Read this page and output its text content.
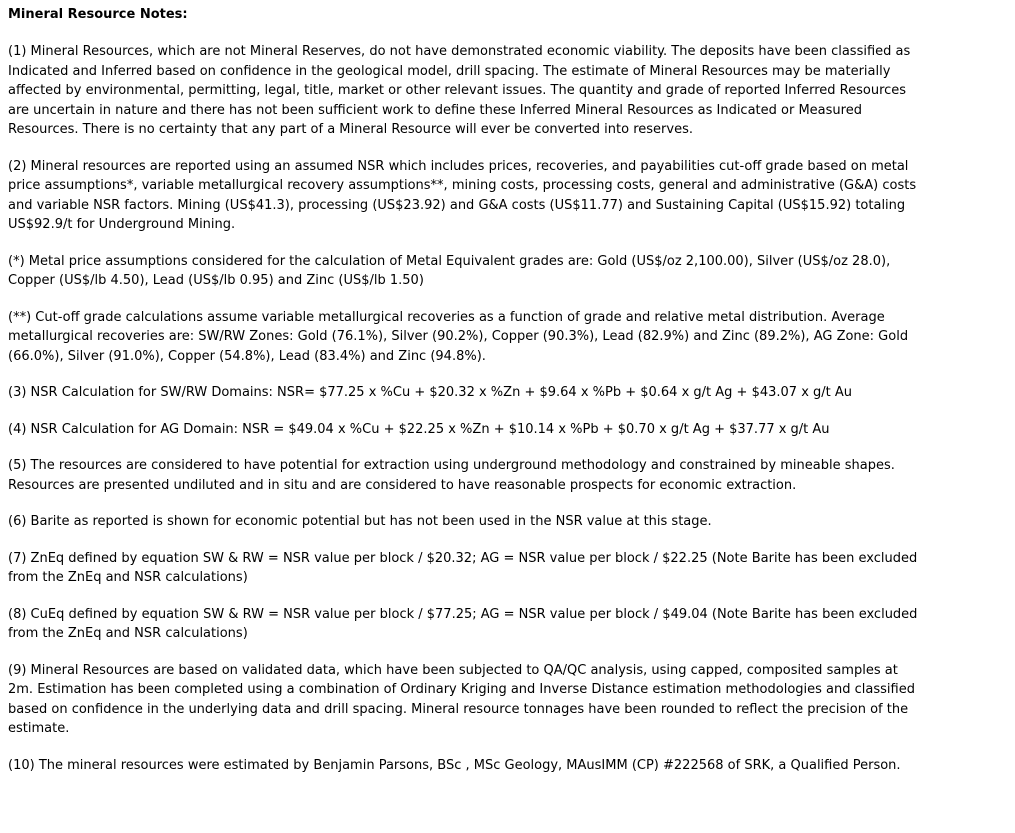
Mineral Resource Notes:

(1) Mineral Resources, which are not Mineral Reserves, do not have demonstrated economic viability. The deposits have been classified as Indicated and Inferred based on confidence in the geological model, drill spacing. The estimate of Mineral Resources may be materially affected by environmental, permitting, legal, title, market or other relevant issues. The quantity and grade of reported Inferred Resources are uncertain in nature and there has not been sufficient work to define these Inferred Mineral Resources as Indicated or Measured Resources. There is no certainty that any part of a Mineral Resource will ever be converted into reserves.

(2) Mineral resources are reported using an assumed NSR which includes prices, recoveries, and payabilities cut-off grade based on metal price assumptions*, variable metallurgical recovery assumptions**, mining costs, processing costs, general and administrative (G&A) costs and variable NSR factors. Mining (US$41.3), processing (US$23.92) and G&A costs (US$11.77) and Sustaining Capital (US$15.92) totaling US$92.9/t for Underground Mining.

(*) Metal price assumptions considered for the calculation of Metal Equivalent grades are: Gold (US$/oz 2,100.00), Silver (US$/oz 28.0), Copper (US$/lb 4.50), Lead (US$/lb 0.95) and Zinc (US$/lb 1.50)

(**) Cut-off grade calculations assume variable metallurgical recoveries as a function of grade and relative metal distribution. Average metallurgical recoveries are: SW/RW Zones: Gold (76.1%), Silver (90.2%), Copper (90.3%), Lead (82.9%) and Zinc (89.2%), AG Zone: Gold (66.0%), Silver (91.0%), Copper (54.8%), Lead (83.4%) and Zinc (94.8%).

(3) NSR Calculation for SW/RW Domains: NSR= $77.25 x %Cu + $20.32 x %Zn + $9.64 x %Pb + $0.64 x g/t Ag + $43.07 x g/t Au

(4) NSR Calculation for AG Domain: NSR = $49.04 x %Cu + $22.25 x %Zn + $10.14 x %Pb + $0.70 x g/t Ag + $37.77 x g/t Au

(5) The resources are considered to have potential for extraction using underground methodology and constrained by mineable shapes. Resources are presented undiluted and in situ and are considered to have reasonable prospects for economic extraction.

(6) Barite as reported is shown for economic potential but has not been used in the NSR value at this stage.

(7) ZnEq defined by equation SW & RW = NSR value per block / $20.32; AG = NSR value per block / $22.25 (Note Barite has been excluded from the ZnEq and NSR calculations)

(8) CuEq defined by equation SW & RW = NSR value per block / $77.25; AG = NSR value per block / $49.04 (Note Barite has been excluded from the ZnEq and NSR calculations)

(9) Mineral Resources are based on validated data, which have been subjected to QA/QC analysis, using capped, composited samples at 2m. Estimation has been completed using a combination of Ordinary Kriging and Inverse Distance estimation methodologies and classified based on confidence in the underlying data and drill spacing. Mineral resource tonnages have been rounded to reflect the precision of the estimate.

(10) The mineral resources were estimated by Benjamin Parsons, BSc , MSc Geology, MAusIMM (CP) #222568 of SRK, a Qualified Person.
